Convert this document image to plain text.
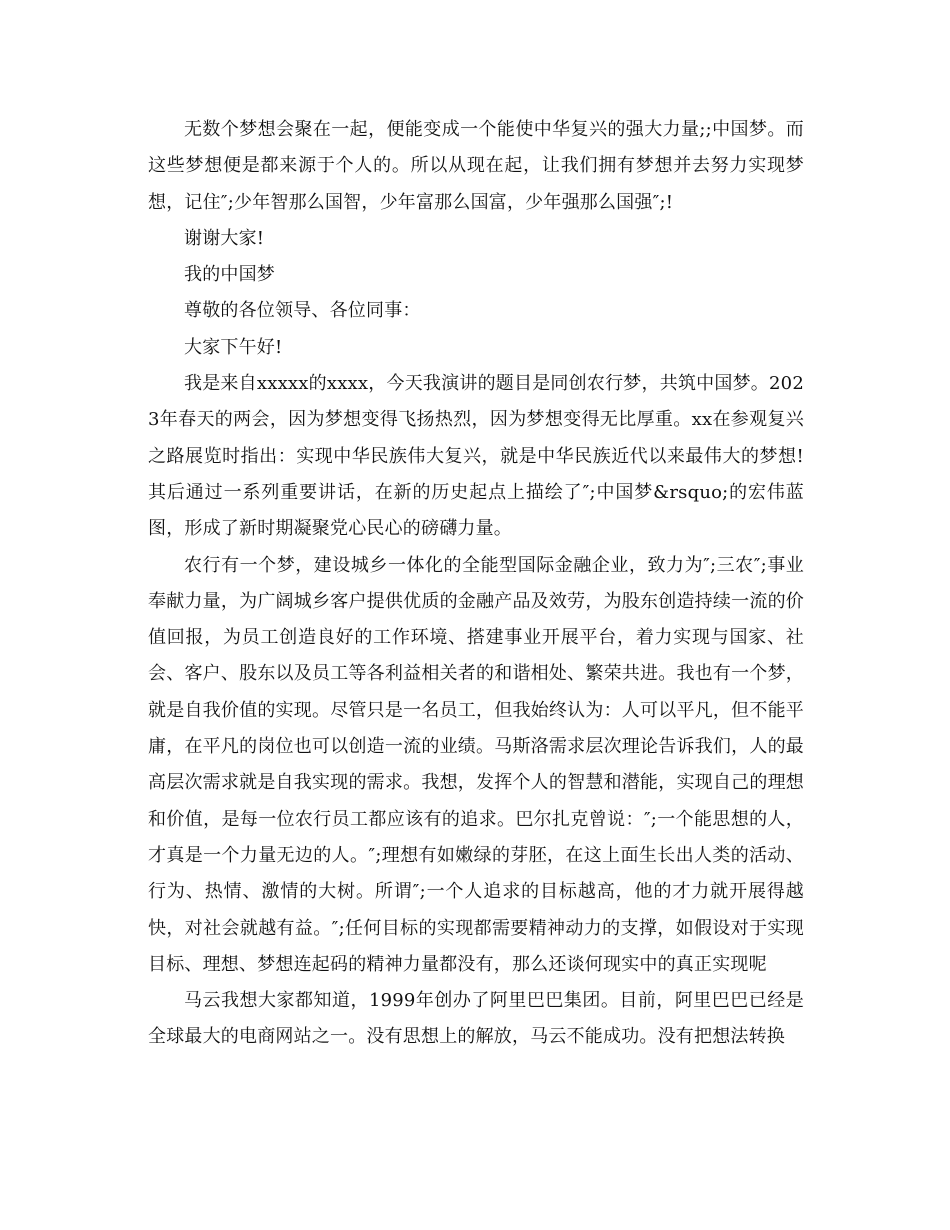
无数个梦想会聚在一起，便能变成一个能使中华复兴的强大力量;;中国梦。而这些梦想便是都来源于个人的。所以从现在起，让我们拥有梦想并去努力实现梦想，记住″;少年智那么国智，少年富那么国富，少年强那么国强″;!

谢谢大家!

我的中国梦

尊敬的各位领导、各位同事：

大家下午好!

我是来自xxxxx的xxxx，今天我演讲的题目是同创农行梦，共筑中国梦。2023年春天的两会，因为梦想变得飞扬热烈，因为梦想变得无比厚重。xx在参观复兴之路展览时指出：实现中华民族伟大复兴，就是中华民族近代以来最伟大的梦想!其后通过一系列重要讲话，在新的历史起点上描绘了″;中国梦&rsquo;的宏伟蓝图，形成了新时期凝聚党心民心的磅礴力量。

农行有一个梦，建设城乡一体化的全能型国际金融企业，致力为″;三农″;事业奉献力量，为广阔城乡客户提供优质的金融产品及效劳，为股东创造持续一流的价值回报，为员工创造良好的工作环境、搭建事业开展平台，着力实现与国家、社会、客户、股东以及员工等各利益相关者的和谐相处、繁荣共进。我也有一个梦，就是自我价值的实现。尽管只是一名员工，但我始终认为：人可以平凡，但不能平庸，在平凡的岗位也可以创造一流的业绩。马斯洛需求层次理论告诉我们，人的最高层次需求就是自我实现的需求。我想，发挥个人的智慧和潜能，实现自己的理想和价值，是每一位农行员工都应该有的追求。巴尔扎克曾说：″;一个能思想的人，才真是一个力量无边的人。″;理想有如嫩绿的芽胚，在这上面生长出人类的活动、行为、热情、激情的大树。所谓″;一个人追求的目标越高，他的才力就开展得越快，对社会就越有益。″;任何目标的实现都需要精神动力的支撑，如假设对于实现目标、理想、梦想连起码的精神力量都没有，那么还谈何现实中的真正实现呢

马云我想大家都知道，1999年创办了阿里巴巴集团。目前，阿里巴巴已经是全球最大的电商网站之一。没有思想上的解放，马云不能成功。没有把想法转换
